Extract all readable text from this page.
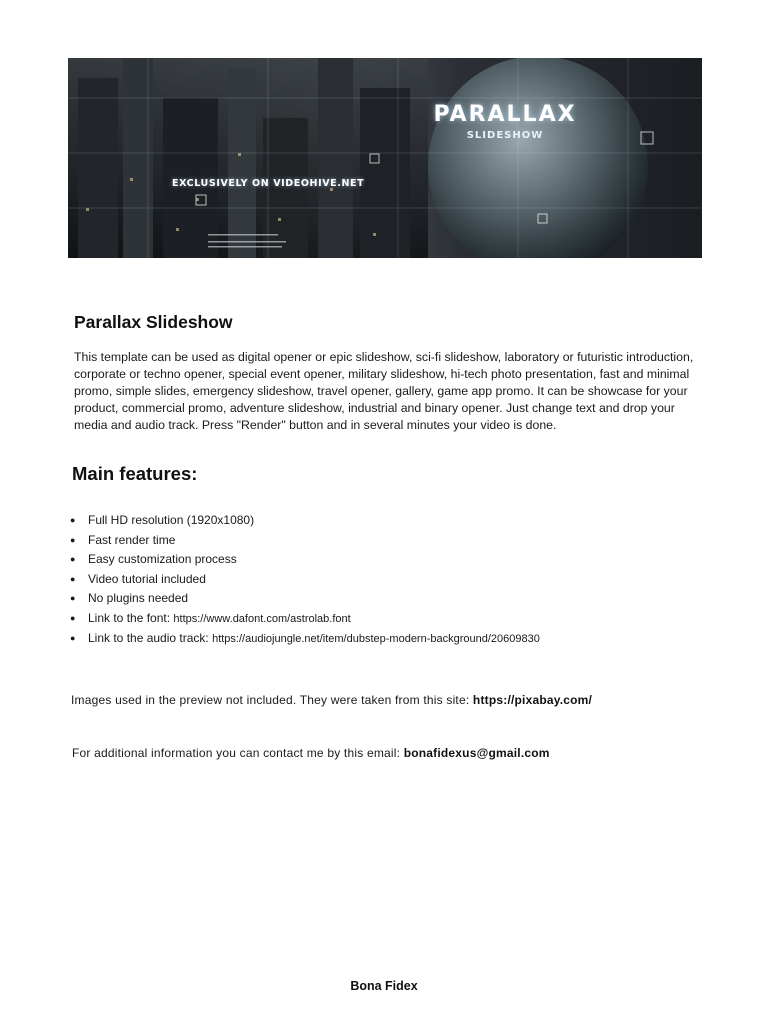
PARALLAX
SLIDESHOW
EXCLUSIVELY ON VIDEOHIVE.NET
Parallax Slideshow

This template can be used as digital opener or epic slideshow, sci-fi slideshow, laboratory or futuristic introduction, corporate or techno opener, special event opener, military slideshow, hi-tech photo presentation, fast and minimal promo, simple slides, emergency slideshow, travel opener, gallery, game app promo. It can be showcase for your product, commercial promo, adventure slideshow, industrial and binary opener. Just change text and drop your media and audio track. Press "Render" button and in several minutes your video is done.

Main features:
● Full HD resolution (1920x1080)
● Fast render time
● Easy customization process
● Video tutorial included
● No plugins needed
● Link to the font: https://www.dafont.com/astrolab.font
● Link to the audio track: https://audiojungle.net/item/dubstep-modern-background/20609830

Images used in the preview not included. They were taken from this site: https://pixabay.com/

For additional information you can contact me by this email: bonafidexus@gmail.com

Bona Fidex
